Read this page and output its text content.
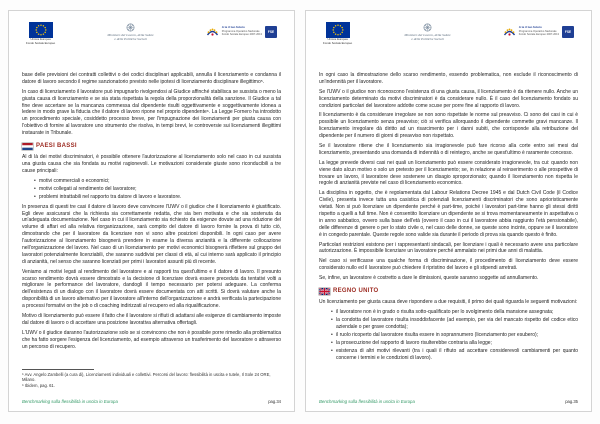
Unione Europea
Fondo Sociale Europeo
Ministero del Lavoro, della Salute
e delle Politiche Sociali
A te il tuo futuro
Programma Operativo Nazionale
Fondo Sociale Europeo 2007-2013
FSE

base delle previsioni dei contratti collettivi o dei codici disciplinari applicabili, annulla il licenziamento e condanna il datore di lavoro secondo il regime sanzionatorio previsto nelle ipotesi di licenziamento disciplinare illegittimo⁵.

In caso di licenziamento il lavoratore può impugnarlo rivolgendosi al Giudice affinché stabilisca se sussista o meno la giusta causa di licenziamento e se sia stata rispettata la regola della proporzionalità della sanzione. Il Giudice a tal fine deve accertare se la mancanza commessa dal dipendente risulti oggettivamente e soggettivamente idonea a ledere in modo grave la fiducia che il datore di lavoro ripone nel proprio dipendente⁶. La Legge Fornero ha introdotto un procedimento speciale, cosiddetto processo breve, per l'impugnazione dei licenziamenti per giusta causa con l'obiettivo di fornire al lavoratore uno strumento che risolva, in tempi brevi, le controversie sui licenziamenti illegittimi instaurate in Tribunale.

PAESI BASSI

Al di là dei motivi discriminatori, è possibile ottenere l'autorizzazione al licenziamento solo nel caso in cui sussista una giusta causa che sia fondata su motivi ragionevoli. Le motivazioni considerate giuste sono riconducibili a tre cause principali:

• motivi commerciali o economici;
• motivi collegati al rendimento del lavoratore;
• problemi intrattabili nel rapporto tra datore di lavoro e lavoratore.

In presenza di questi tre casi il datore di lavoro deve convincere l'UWV o il giudice che il licenziamento è giustificato. Egli deve assicurarsi che la richiesta sia correttamente redatta, che sia ben motivata e che sia sostenuta da un'adeguata documentazione. Nel caso in cui il licenziamento sia richiesto da esigenze dovute ad una riduzione del volume di affari ed alla relativa riorganizzazione, sarà compito del datore di lavoro fornire la prova di tutto ciò, dimostrando che per il lavoratore da licenziare non vi sono altre posizioni disponibili. In ogni caso per avere l'autorizzazione al licenziamento bisognerà prendere in esame la diversa anzianità e la differente collocazione nell'organizzazione del lavoro. Nel caso di un licenziamento per motivi economici bisognerà riflettere sul gruppo dei lavoratori potenzialmente licenziabili, che saranno suddivisi per classi di età, al cui interno sarà applicato il principio di anzianità, nel senso che saranno licenziati per primi i lavoratori assunti più di recente.

Veniamo ai motivi legati al rendimento del lavoratore e ai rapporti tra quest'ultimo e il datore di lavoro. Il presunto scarso rendimento dovrà essere dimostrato e la decisione di licenziare dovrà essere preceduta da tentativi volti a migliorare le performance del lavoratore, dandogli il tempo necessario per potersi adeguare. La conferma dell'esistenza di un dialogo con il lavoratore dovrà essere documentata con atti scritti. Si dovrà valutare anche la disponibilità di un lavoro alternativo per il lavoratore all'interno dell'organizzazione e andrà verificata la partecipazione a processi formativi on the job o di coaching indirizzati al recupero ed alla riqualificazione.

Motivo di licenziamento può essere il fatto che il lavoratore si rifiuti di adattarsi alle esigenze di cambiamento imposte dal datore di lavoro o di accettare una posizione lavorativa alternativa offertagli.

L'UWV o il giudice daranno l'autorizzazione solo se si convincono che non è possibile porre rimedio alla problematica che ha fatto sorgere l'esigenza del licenziamento, ad esempio attraverso un trasferimento del lavoratore o attraverso un percorso di recupero.

⁵ Avv. Angelo Zambelli (a cura di), Licenziamenti individuali e collettivi. Percorsi del lavoro: flessibilità in uscita e tutele, Il Sole 24 ORE, Milano.

⁶ Ibidem, pag. 61.

Benchmarking sulla flessibilità in uscita in Europa	pag.34
Unione Europea
Fondo Sociale Europeo
Ministero del Lavoro, della Salute
e delle Politiche Sociali
A te il tuo futuro
Programma Operativo Nazionale
Fondo Sociale Europeo 2007-2013
FSE

In ogni caso la dimostrazione dello scarso rendimento, essendo problematica, non esclude il riconoscimento di un'indennità per il lavoratore.

Se l'UWV o il giudice non riconoscono l'esistenza di una giusta causa, il licenziamento è da ritenere nullo. Anche un licenziamento determinato da motivi discriminatori è da considerare nullo. È il caso del licenziamento fondato su condizioni particolari del lavoratore addotte come scuse per porre fine al rapporto di lavoro.

Il licenziamento è da considerare irregolare se non sono rispettate le norme sul preavviso. Ci sono dei casi in cui è possibile un licenziamento senza preavviso; ciò si verifica allorquando il dipendente commette gravi mancanze. Il licenziamento irregolare dà diritto ad un risarcimento per i danni subiti, che corrisponde alla retribuzione del dipendente per il numero di giorni di preavviso non rispettato.

Se il lavoratore ritiene che il licenziamento sia irragionevole può fare ricorso alla corte entro sei mesi dal licenziamento, presentando una domanda di indennità o di reintegro, anche se quest'ultimo è raramente concesso.

La legge prevede diversi casi nei quali un licenziamento può essere considerato irragionevole, tra cui: quando non viene dato alcun motivo o solo un pretesto per il licenziamento; se, in relazione al reinserimento o alle prospettive di trovare un lavoro, il lavoratore deve sostenere un disagio sproporzionato; quando il licenziamento non rispetta le regole di anzianità previste nel caso di licenziamento economico.

La disciplina in oggetto, che è regolamentata dal Labour Relations Decree 1945 e dal Dutch Civil Code (il Codice Civile), presenta invece tutta una casistica di potenziali licenziamenti discriminatori che sono aprioristicamente vietati. Non si può licenziare un dipendente perché è part-time, poiché i lavoratori part-time hanno gli stessi diritti rispetto a quelli a full time. Non è consentito licenziare un dipendente se si trova momentaneamente in aspettativa o in anno sabbatico, ovvero sulla base dell'età (ovvero il caso in cui il lavoratore abbia raggiunto l'età pensionabile), delle differenze di genere o per lo stato civile o, nel caso delle donne, se queste sono incinte, oppure se il lavoratore è in congedo parentale. Queste regole sono valide sia durante il periodo di prova sia quando questo è finito.

Particolari restrizioni esistono per i rappresentanti sindacali, per licenziare i quali è necessario avere una particolare autorizzazione. È impossibile licenziare un lavoratore perché ammalato nei primi due anni di malattia.

Nel caso si verificasse una qualche forma di discriminazione, il procedimento di licenziamento deve essere considerato nullo ed il lavoratore può chiedere il ripristino del lavoro e gli stipendi arretrati.

Se, infine, un lavoratore è costretto a dare le dimissioni, queste saranno soggette ad annullamento.

REGNO UNITO

Un licenziamento per giusta causa deve rispondere a due requisiti, il primo dei quali riguarda le seguenti motivazioni:

• il lavoratore non è in grado o risulta sotto-qualificato per lo svolgimento della mansione assegnata;
• la condotta del lavoratore risulta insoddisfacente (ad esempio, per via del mancato rispetto del codice etico aziendale o per grave condotta);
• il ruolo ricoperto dal lavoratore risulta essere in soprannumero (licenziamento per esubero);
• la prosecuzione del rapporto di lavoro risulterebbe contraria alla legge;
• esistenza di altri motivi rilevanti (tra i quali il rifiuto ad accettare considerevoli cambiamenti per quanto concerne i termini e le condizioni di lavoro).
Benchmarking sulla flessibilità in uscita in Europa	pag.35
